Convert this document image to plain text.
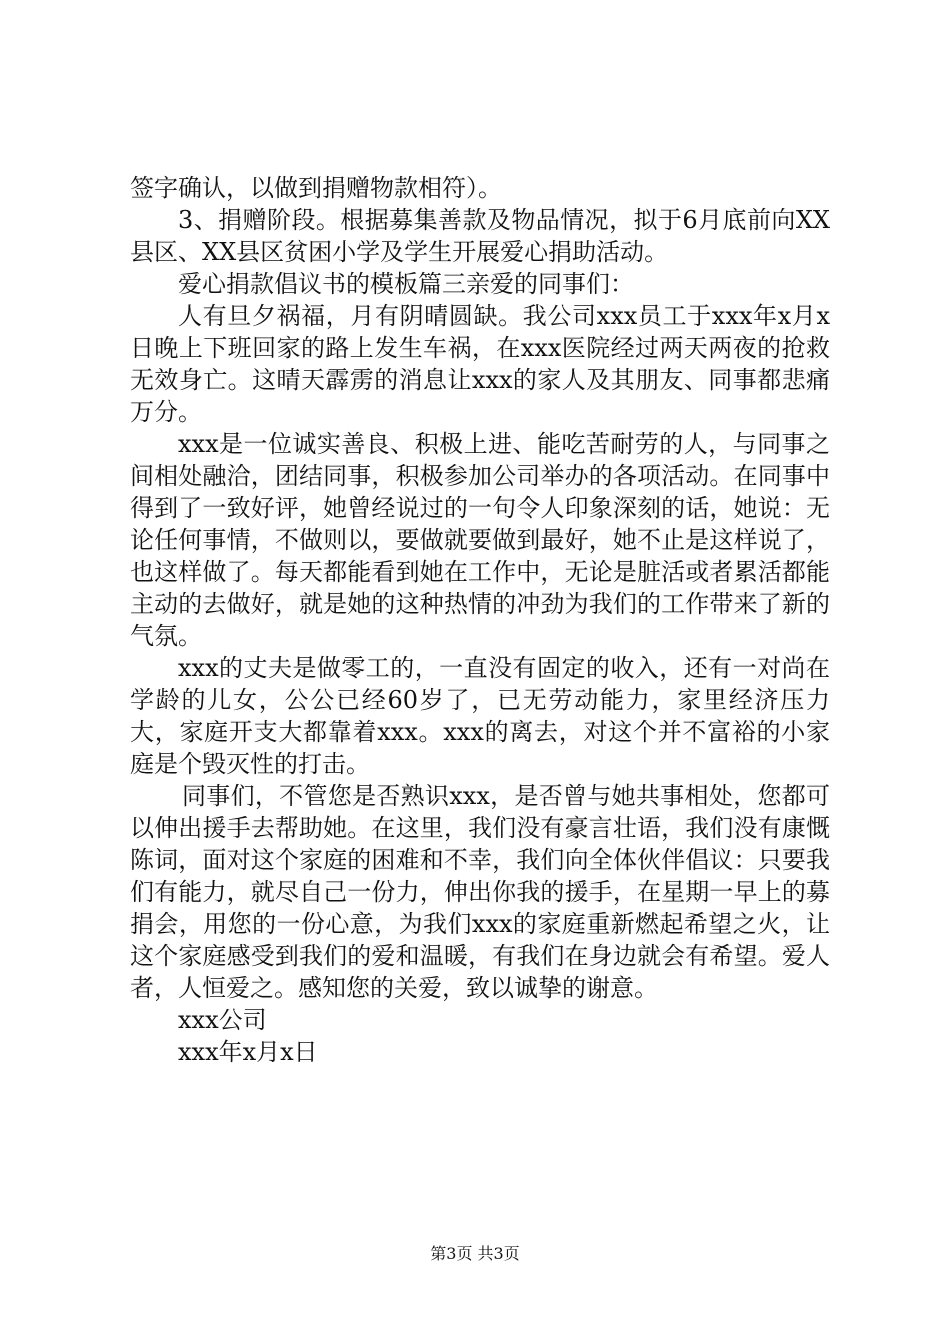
签字确认，以做到捐赠物款相符）。

3、捐赠阶段。根据募集善款及物品情况，拟于6月底前向XX县区、XX县区贫困小学及学生开展爱心捐助活动。

爱心捐款倡议书的模板篇三亲爱的同事们：

人有旦夕祸福，月有阴晴圆缺。我公司xxx员工于xxx年x月x日晚上下班回家的路上发生车祸，在xxx医院经过两天两夜的抢救无效身亡。这晴天霹雳的消息让xxx的家人及其朋友、同事都悲痛万分。

xxx是一位诚实善良、积极上进、能吃苦耐劳的人，与同事之间相处融洽，团结同事，积极参加公司举办的各项活动。在同事中得到了一致好评，她曾经说过的一句令人印象深刻的话，她说：无论任何事情，不做则以，要做就要做到最好，她不止是这样说了，也这样做了。每天都能看到她在工作中，无论是脏活或者累活都能主动的去做好，就是她的这种热情的冲劲为我们的工作带来了新的气氛。

xxx的丈夫是做零工的，一直没有固定的收入，还有一对尚在学龄的儿女，公公已经60岁了，已无劳动能力，家里经济压力大，家庭开支大都靠着xxx。xxx的离去，对这个并不富裕的小家庭是个毁灭性的打击。

同事们，不管您是否熟识xxx，是否曾与她共事相处，您都可以伸出援手去帮助她。在这里，我们没有豪言壮语，我们没有康慨陈词，面对这个家庭的困难和不幸，我们向全体伙伴倡议：只要我们有能力，就尽自己一份力，伸出你我的援手，在星期一早上的募捐会，用您的一份心意，为我们xxx的家庭重新燃起希望之火，让这个家庭感受到我们的爱和温暖，有我们在身边就会有希望。爱人者，人恒爱之。感知您的关爱，致以诚挚的谢意。

xxx公司

xxx年x月x日

第3页 共3页
